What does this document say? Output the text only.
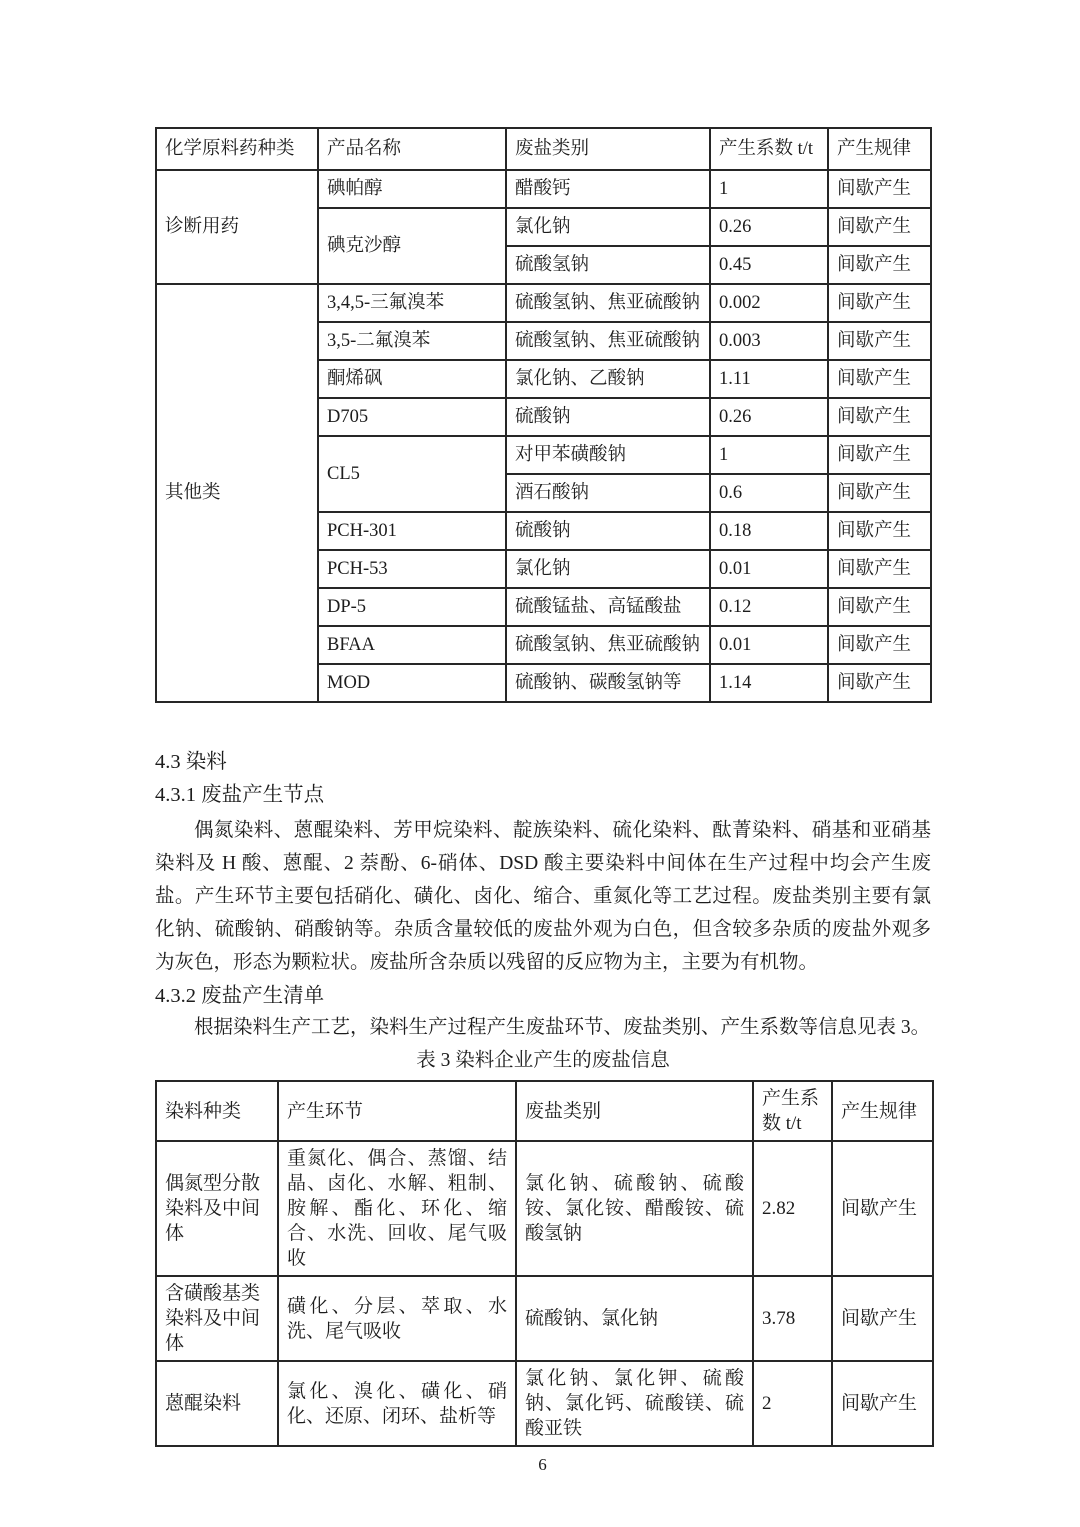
化学原料药种类	产品名称	废盐类别	产生系数 t/t	产生规律
诊断用药	碘帕醇	醋酸钙	1	间歇产生
	碘克沙醇	氯化钠	0.26	间歇产生
		硫酸氢钠	0.45	间歇产生
其他类	3,4,5-三氟溴苯	硫酸氢钠、焦亚硫酸钠	0.002	间歇产生
	3,5-二氟溴苯	硫酸氢钠、焦亚硫酸钠	0.003	间歇产生
	酮烯砜	氯化钠、乙酸钠	1.11	间歇产生
	D705	硫酸钠	0.26	间歇产生
	CL5	对甲苯磺酸钠	1	间歇产生
		酒石酸钠	0.6	间歇产生
	PCH-301	硫酸钠	0.18	间歇产生
	PCH-53	氯化钠	0.01	间歇产生
	DP-5	硫酸锰盐、高锰酸盐	0.12	间歇产生
	BFAA	硫酸氢钠、焦亚硫酸钠	0.01	间歇产生
	MOD	硫酸钠、碳酸氢钠等	1.14	间歇产生
4.3 染料
4.3.1 废盐产生节点

偶氮染料、蒽醌染料、芳甲烷染料、靛族染料、硫化染料、酞菁染料、硝基和亚硝基染料及 H 酸、蒽醌、2 萘酚、6-硝体、DSD 酸主要染料中间体在生产过程中均会产生废盐。产生环节主要包括硝化、磺化、卤化、缩合、重氮化等工艺过程。废盐类别主要有氯化钠、硫酸钠、硝酸钠等。杂质含量较低的废盐外观为白色，但含较多杂质的废盐外观多为灰色，形态为颗粒状。废盐所含杂质以残留的反应物为主，主要为有机物。

4.3.2 废盐产生清单

根据染料生产工艺，染料生产过程产生废盐环节、废盐类别、产生系数等信息见表 3。

表 3 染料企业产生的废盐信息
染料种类	产生环节	废盐类别	产生系数 t/t	产生规律
偶氮型分散染料及中间体	重氮化、偶合、蒸馏、结晶、卤化、水解、粗制、胺解、酯化、环化、缩合、水洗、回收、尾气吸收	氯化钠、硫酸钠、硫酸铵、氯化铵、醋酸铵、硫酸氢钠	2.82	间歇产生
含磺酸基类染料及中间体	磺化、分层、萃取、水洗、尾气吸收	硫酸钠、氯化钠	3.78	间歇产生
蒽醌染料	氯化、溴化、磺化、硝化、还原、闭环、盐析等	氯化钠、氯化钾、硫酸钠、氯化钙、硫酸镁、硫酸亚铁	2	间歇产生
6
